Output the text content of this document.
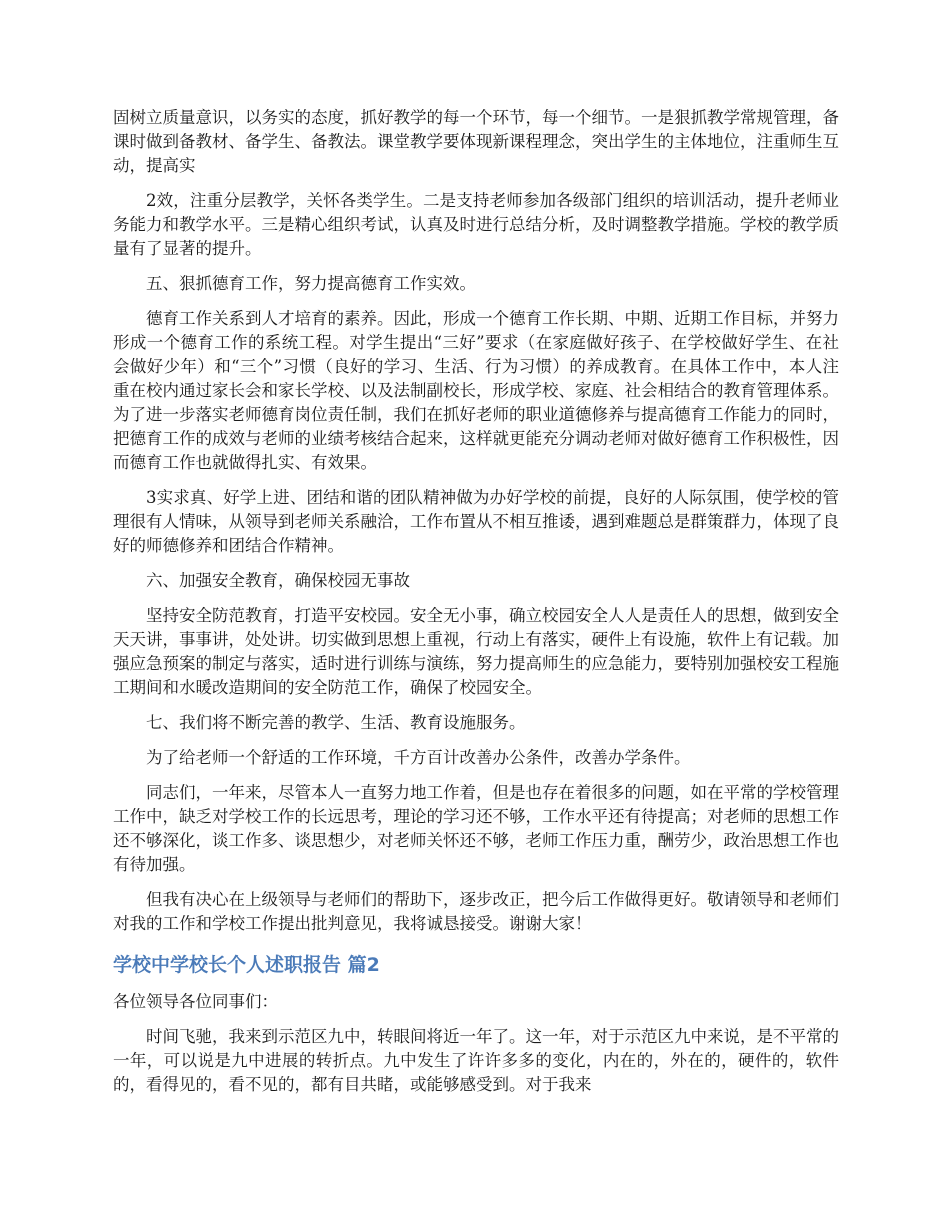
固树立质量意识，以务实的态度，抓好教学的每一个环节，每一个细节。一是狠抓教学常规管理，备课时做到备教材、备学生、备教法。课堂教学要体现新课程理念，突出学生的主体地位，注重师生互动，提高实

2效，注重分层教学，关怀各类学生。二是支持老师参加各级部门组织的培训活动，提升老师业务能力和教学水平。三是精心组织考试，认真及时进行总结分析，及时调整教学措施。学校的教学质量有了显著的提升。

五、狠抓德育工作，努力提高德育工作实效。

德育工作关系到人才培育的素养。因此，形成一个德育工作长期、中期、近期工作目标，并努力形成一个德育工作的系统工程。对学生提出“三好”要求（在家庭做好孩子、在学校做好学生、在社会做好少年）和“三个”习惯（良好的学习、生活、行为习惯）的养成教育。在具体工作中，本人注重在校内通过家长会和家长学校、以及法制副校长，形成学校、家庭、社会相结合的教育管理体系。为了进一步落实老师德育岗位责任制，我们在抓好老师的职业道德修养与提高德育工作能力的同时，把德育工作的成效与老师的业绩考核结合起来，这样就更能充分调动老师对做好德育工作积极性，因而德育工作也就做得扎实、有效果。

3实求真、好学上进、团结和谐的团队精神做为办好学校的前提，良好的人际氛围，使学校的管理很有人情味，从领导到老师关系融洽，工作布置从不相互推诿，遇到难题总是群策群力，体现了良好的师德修养和团结合作精神。

六、加强安全教育，确保校园无事故

坚持安全防范教育，打造平安校园。安全无小事，确立校园安全人人是责任人的思想，做到安全天天讲，事事讲，处处讲。切实做到思想上重视，行动上有落实，硬件上有设施，软件上有记载。加强应急预案的制定与落实，适时进行训练与演练，努力提高师生的应急能力，要特别加强校安工程施工期间和水暖改造期间的安全防范工作，确保了校园安全。

七、我们将不断完善的教学、生活、教育设施服务。

为了给老师一个舒适的工作环境，千方百计改善办公条件，改善办学条件。

同志们，一年来，尽管本人一直努力地工作着，但是也存在着很多的问题，如在平常的学校管理工作中，缺乏对学校工作的长远思考，理论的学习还不够，工作水平还有待提高；对老师的思想工作还不够深化，谈工作多、谈思想少，对老师关怀还不够，老师工作压力重，酬劳少，政治思想工作也有待加强。

但我有决心在上级领导与老师们的帮助下，逐步改正，把今后工作做得更好。敬请领导和老师们对我的工作和学校工作提出批判意见，我将诚恳接受。谢谢大家！

学校中学校长个人述职报告 篇2

各位领导各位同事们：

时间飞驰，我来到示范区九中，转眼间将近一年了。这一年，对于示范区九中来说，是不平常的一年，可以说是九中进展的转折点。九中发生了许许多多的变化，内在的，外在的，硬件的，软件的，看得见的，看不见的，都有目共睹，或能够感受到。对于我来
